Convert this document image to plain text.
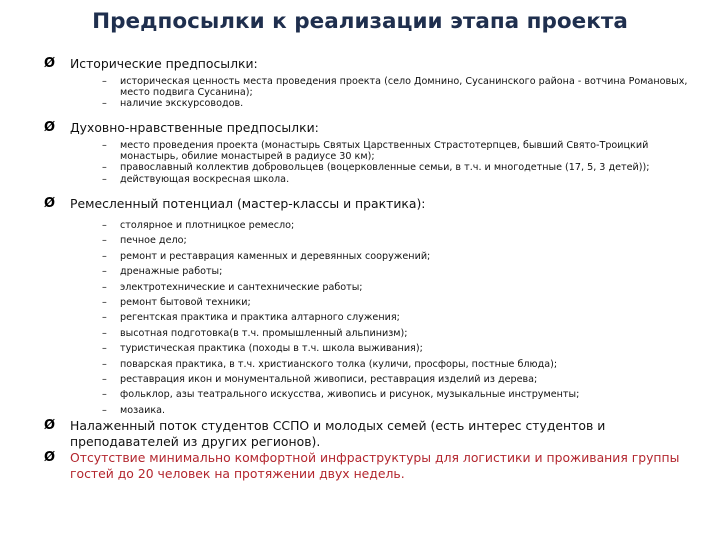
Предпосылки к реализации этапа проекта
Ø Исторические предпосылки:
– историческая ценность места проведения проекта (село Домнино, Сусанинского района - вотчина Романовых, место подвига Сусанина);
– наличие экскурсоводов.
Ø Духовно-нравственные предпосылки:
– место проведения проекта (монастырь Святых Царственных Страстотерпцев, бывший Свято-Троицкий монастырь, обилие монастырей в радиусе 30 км);
– православный коллектив добровольцев (воцерковленные семьи, в т.ч. и многодетные (17, 5, 3 детей));
– действующая воскресная школа.
Ø Ремесленный потенциал (мастер-классы и практика):
– столярное и плотницкое ремесло;
– печное дело;
– ремонт и реставрация каменных и деревянных сооружений;
– дренажные работы;
– электротехнические и сантехнические работы;
– ремонт бытовой техники;
– регентская практика и практика алтарного служения;
– высотная подготовка(в т.ч. промышленный альпинизм);
– туристическая практика (походы в т.ч. школа выживания);
– поварская практика, в т.ч. христианского толка (куличи, просфоры, постные блюда);
– реставрация икон и монументальной живописи, реставрация изделий из дерева;
– фольклор, азы театрального искусства, живопись и рисунок, музыкальные инструменты;
– мозаика.
Ø Налаженный поток студентов ССПО и молодых семей (есть интерес студентов и преподавателей из других регионов).
Ø Отсутствие минимально комфортной инфраструктуры для логистики и проживания группы гостей до 20 человек на протяжении двух недель.
